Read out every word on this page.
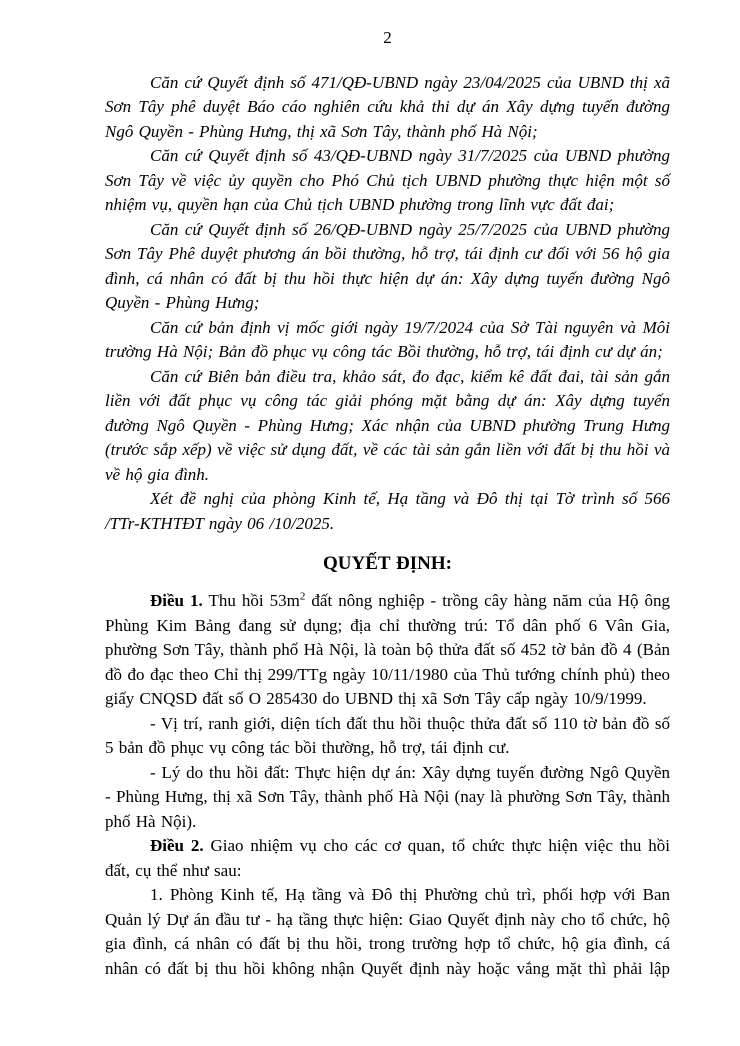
2

Căn cứ Quyết định số 471/QĐ-UBND ngày 23/04/2025 của UBND thị xã Sơn Tây phê duyệt Báo cáo nghiên cứu khả thi dự án Xây dựng tuyến đường Ngô Quyền - Phùng Hưng, thị xã Sơn Tây, thành phố Hà Nội;

Căn cứ Quyết định số 43/QĐ-UBND ngày 31/7/2025 của UBND phường Sơn Tây về việc ủy quyền cho Phó Chủ tịch UBND phường thực hiện một số nhiệm vụ, quyền hạn của Chủ tịch UBND phường trong lĩnh vực đất đai;

Căn cứ Quyết định số 26/QĐ-UBND ngày 25/7/2025 của UBND phường Sơn Tây Phê duyệt phương án bồi thường, hỗ trợ, tái định cư đối với 56 hộ gia đình, cá nhân có đất bị thu hồi thực hiện dự án: Xây dựng tuyến đường Ngô Quyền - Phùng Hưng;

Căn cứ bản định vị mốc giới ngày 19/7/2024 của Sở Tài nguyên và Môi trường Hà Nội; Bản đồ phục vụ công tác Bồi thường, hỗ trợ, tái định cư dự án;

Căn cứ Biên bản điều tra, khảo sát, đo đạc, kiểm kê đất đai, tài sản gắn liền với đất phục vụ công tác giải phóng mặt bằng dự án: Xây dựng tuyến đường Ngô Quyền - Phùng Hưng; Xác nhận của UBND phường Trung Hưng (trước sắp xếp) về việc sử dụng đất, về các tài sản gắn liền với đất bị thu hồi và về hộ gia đình.

Xét đề nghị của phòng Kinh tế, Hạ tầng và Đô thị tại Tờ trình số 566 /TTr-KTHTĐT ngày 06 /10/2025.

QUYẾT ĐỊNH:

Điều 1. Thu hồi $53m^2$ đất nông nghiệp - trồng cây hàng năm của Hộ ông Phùng Kim Bảng đang sử dụng; địa chỉ thường trú: Tổ dân phố 6 Vân Gia, phường Sơn Tây, thành phố Hà Nội, là toàn bộ thửa đất số 452 tờ bản đồ 4 (Bản đồ đo đạc theo Chỉ thị 299/TTg ngày 10/11/1980 của Thủ tướng chính phủ) theo giấy CNQSD đất số O 285430 do UBND thị xã Sơn Tây cấp ngày 10/9/1999.

- Vị trí, ranh giới, diện tích đất thu hồi thuộc thửa đất số 110 tờ bản đồ số 5 bản đồ phục vụ công tác bồi thường, hỗ trợ, tái định cư.

- Lý do thu hồi đất: Thực hiện dự án: Xây dựng tuyến đường Ngô Quyền - Phùng Hưng, thị xã Sơn Tây, thành phố Hà Nội (nay là phường Sơn Tây, thành phố Hà Nội).

Điều 2. Giao nhiệm vụ cho các cơ quan, tổ chức thực hiện việc thu hồi đất, cụ thể như sau:

1. Phòng Kinh tế, Hạ tầng và Đô thị Phường chủ trì, phối hợp với Ban Quản lý Dự án đầu tư - hạ tầng thực hiện: Giao Quyết định này cho tổ chức, hộ gia đình, cá nhân có đất bị thu hồi, trong trường hợp tổ chức, hộ gia đình, cá nhân có đất bị thu hồi không nhận Quyết định này hoặc vắng mặt thì phải lập
